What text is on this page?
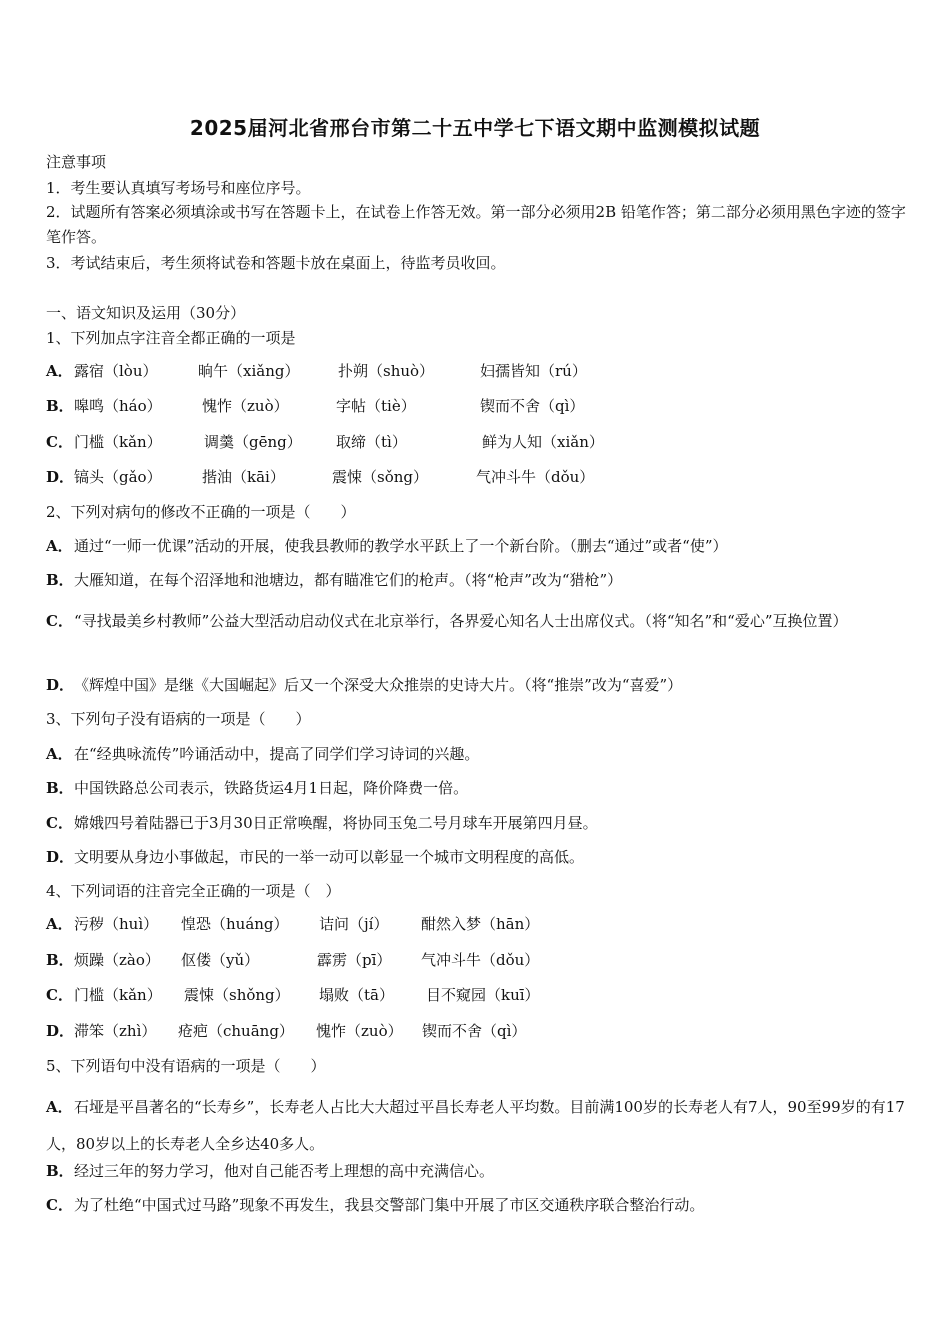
2025届河北省邢台市第二十五中学七下语文期中监测模拟试题
注意事项
1．考生要认真填写考场号和座位序号。
2．试题所有答案必须填涂或书写在答题卡上，在试卷上作答无效。第一部分必须用2B 铅笔作答；第二部分必须用黑色字迹的签字笔作答。
3．考试结束后，考生须将试卷和答题卡放在桌面上，待监考员收回。
一、语文知识及运用（30分）
1、下列加点字注音全都正确的一项是
A．露宿（lòu）	晌午（xiǎng）	扑朔（shuò）	妇孺皆知（rú）
B．嗥鸣（háo）	愧怍（zuò）	字帖（tiè）	锲而不舍（qì）
C．门槛（kǎn）	调羹（gēng） 取缔（tì）	鲜为人知（xiǎn）
D．镐头（gǎo）	揩油（kāi）	震悚（sǒng）	气冲斗牛（dǒu）
2、下列对病句的修改不正确的一项是（　　）
A．通过“一师一优课”活动的开展，使我县教师的教学水平跃上了一个新台阶。（删去“通过”或者“使”）
B．大雁知道，在每个沼泽地和池塘边，都有瞄准它们的枪声。（将“枪声”改为“猎枪”）
C．“寻找最美乡村教师”公益大型活动启动仪式在北京举行，各界爱心知名人士出席仪式。（将“知名”和“爱心”互换位置）
D．《辉煌中国》是继《大国崛起》后又一个深受大众推崇的史诗大片。（将“推崇”改为“喜爱”）
3、下列句子没有语病的一项是（　　）
A．在“经典咏流传”吟诵活动中，提高了同学们学习诗词的兴趣。
B．中国铁路总公司表示，铁路货运4月1日起，降价降费一倍。
C．嫦娥四号着陆器已于3月30日正常唤醒，将协同玉兔二号月球车开展第四月昼。
D．文明要从身边小事做起，市民的一举一动可以彰显一个城市文明程度的高低。
4、下列词语的注音完全正确的一项是（　）
A．污秽（huì） 惶恐（huáng） 诘问（jí） 酣然入梦（hān）
B．烦躁（zào） 伛偻（yǔ）	霹雳（pī） 气冲斗牛（dǒu）
C．门槛（kǎn） 震悚（shǒng） 塌败（tā） 目不窥园（kuī）
D．滞笨（zhì） 疮疤（chuāng） 愧怍（zuò） 锲而不舍（qì）
5、下列语句中没有语病的一项是（　　）
A．石垭是平昌著名的“长寿乡”，长寿老人占比大大超过平昌长寿老人平均数。目前满100岁的长寿老人有7人，90至99岁的有17人，80岁以上的长寿老人全乡达40多人。
B．经过三年的努力学习，他对自己能否考上理想的高中充满信心。
C．为了杜绝“中国式过马路”现象不再发生，我县交警部门集中开展了市区交通秩序联合整治行动。
